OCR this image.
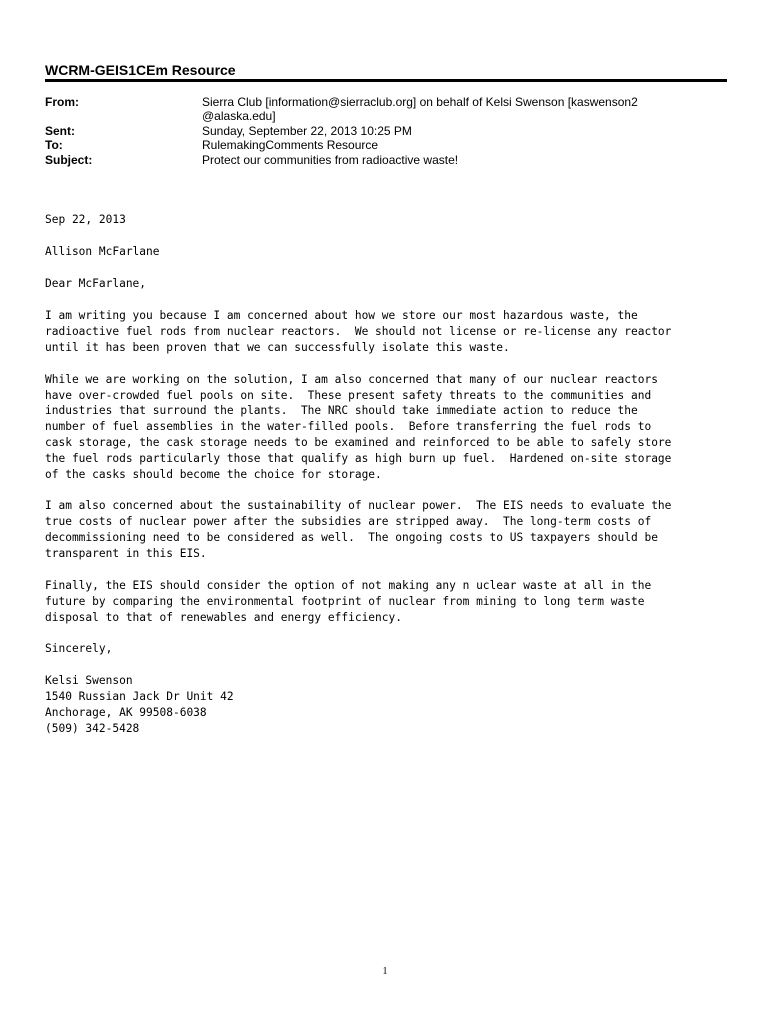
WCRM-GEIS1CEm Resource
From:	Sierra Club [information@sierraclub.org] on behalf of Kelsi Swenson [kaswenson2
@alaska.edu]
Sent:	Sunday, September 22, 2013 10:25 PM
To:	RulemakingComments Resource
Subject:	Protect our communities from radioactive waste!
Sep 22, 2013
Allison McFarlane
Dear McFarlane,
I am writing you because I am concerned about how we store our most hazardous waste, the
radioactive fuel rods from nuclear reactors.  We should not license or re-license any reactor
until it has been proven that we can successfully isolate this waste.
While we are working on the solution, I am also concerned that many of our nuclear reactors
have over-crowded fuel pools on site.  These present safety threats to the communities and
industries that surround the plants.  The NRC should take immediate action to reduce the
number of fuel assemblies in the water-filled pools.  Before transferring the fuel rods to
cask storage, the cask storage needs to be examined and reinforced to be able to safely store
the fuel rods particularly those that qualify as high burn up fuel.  Hardened on-site storage
of the casks should become the choice for storage.
I am also concerned about the sustainability of nuclear power.  The EIS needs to evaluate the
true costs of nuclear power after the subsidies are stripped away.  The long-term costs of
decommissioning need to be considered as well.  The ongoing costs to US taxpayers should be
transparent in this EIS.
Finally, the EIS should consider the option of not making any n uclear waste at all in the
future by comparing the environmental footprint of nuclear from mining to long term waste
disposal to that of renewables and energy efficiency.
Sincerely,
Kelsi Swenson
1540 Russian Jack Dr Unit 42
Anchorage, AK 99508-6038
(509) 342-5428
1
